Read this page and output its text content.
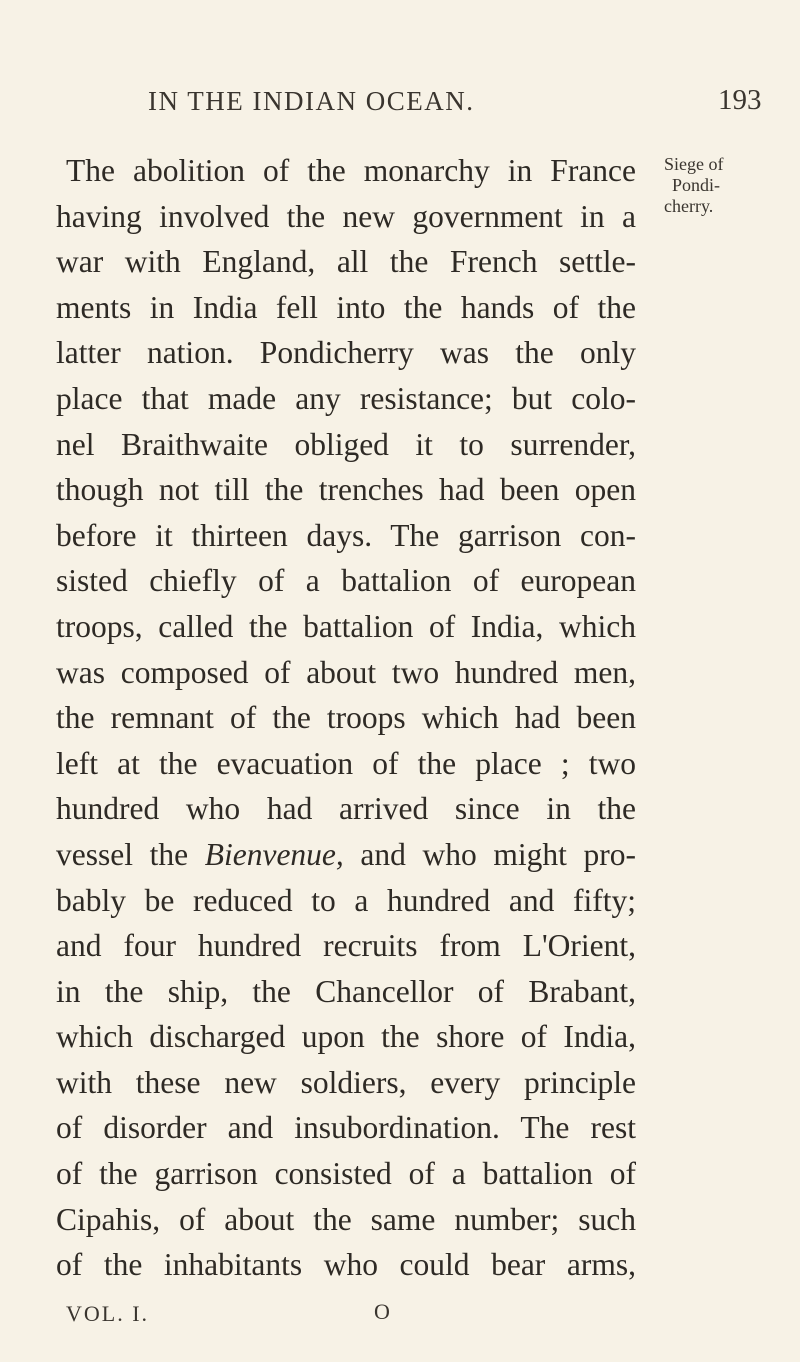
IN THE INDIAN OCEAN.	193
Siege of
Pondi-
cherry.
The abolition of the monarchy in France
having involved the new government in a
war with England, all the French settle-
ments in India fell into the hands of the
latter nation. Pondicherry was the only
place that made any resistance; but colo-
nel Braithwaite obliged it to surrender,
though not till the trenches had been open
before it thirteen days. The garrison con-
sisted chiefly of a battalion of european
troops, called the battalion of India, which
was composed of about two hundred men,
the remnant of the troops which had been
left at the evacuation of the place ; two
hundred who had arrived since in the
vessel the Bienvenue, and who might pro-
bably be reduced to a hundred and fifty;
and four hundred recruits from L'Orient,
in the ship, the Chancellor of Brabant,
which discharged upon the shore of India,
with these new soldiers, every principle
of disorder and insubordination. The rest
of the garrison consisted of a battalion of
Cipahis, of about the same number; such
of the inhabitants who could bear arms,
VOL. I.	O
